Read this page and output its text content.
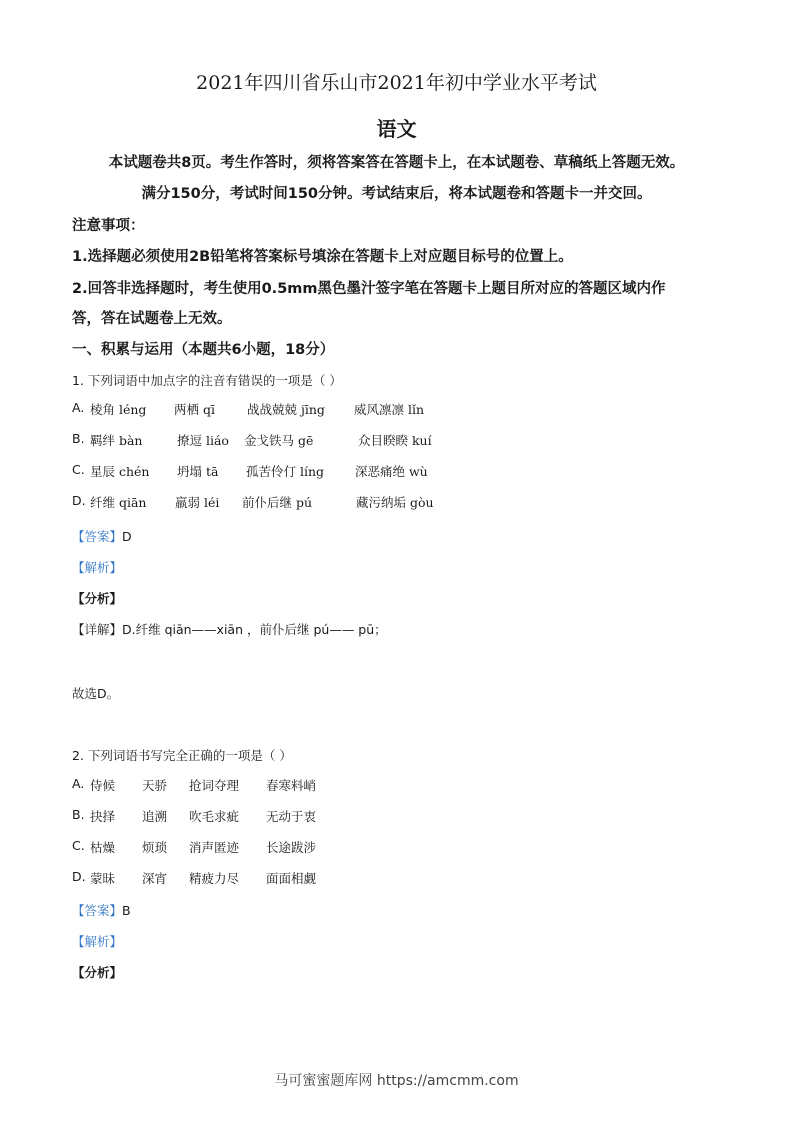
2021年四川省乐山市2021年初中学业水平考试
语文
本试题卷共8页。考生作答时，须将答案答在答题卡上，在本试题卷、草稿纸上答题无效。
满分150分，考试时间150分钟。考试结束后，将本试题卷和答题卡一并交回。
注意事项：
1.选择题必须使用2B铅笔将答案标号填涂在答题卡上对应题目标号的位置上。
2.回答非选择题时，考生使用0.5mm黑色墨汁签字笔在答题卡上题目所对应的答题区域内作
答，答在试题卷上无效。
一、积累与运用（本题共6小题，18分）
1. 下列词语中加点字的注音有错误的一项是（ ）
A. 棱角 léng 两栖 qī	战战兢兢 jīng 威风凛凛 lǐn
B. 羁绊 bàn	撩逗 liáo 金戈铁马 gē	众目睽睽 kuí
C. 星辰 chén 坍塌 tā 孤苦伶仃 líng 深恶痛绝 wù
D. 纤维 qiān 羸弱 léi 前仆后继 pú	藏污纳垢 gòu
【答案】D
【解析】
【分析】
【详解】D.纤维 qiān——xiān ，前仆后继 pú—— pū；
故选D。
2. 下列词语书写完全正确的一项是（ ）
A. 侍候 天骄 抢词夺理 春寒料峭
B. 抉择 追溯 吹毛求疵 无动于衷
C. 枯燥 烦琐 消声匿迹 长途跋涉
D. 蒙昧 深宵 精疲力尽 面面相觑
【答案】B
【解析】
【分析】
马可蜜蜜题库网 https://amcmm.com
